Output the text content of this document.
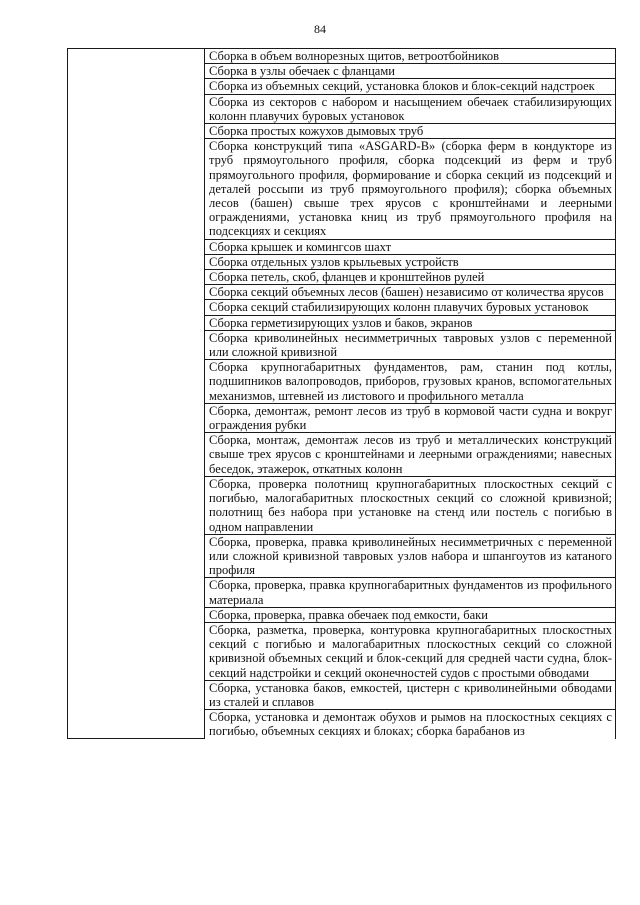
84
	Сборка в объем волнорезных щитов, ветроотбойников
Сборка в узлы обечаек с фланцами
Сборка из объемных секций, установка блоков и блок-секций надстроек
Сборка из секторов с набором и насыщением обечаек стабилизирующих колонн плавучих буровых установок
Сборка простых кожухов дымовых труб
Сборка конструкций типа «ASGARD-B» (сборка ферм в кондукторе из труб прямоугольного профиля, сборка подсекций из ферм и труб прямоугольного профиля, формирование и сборка секций из подсекций и деталей россыпи из труб прямоугольного профиля); сборка объемных лесов (башен) свыше трех ярусов с кронштейнами и леерными ограждениями, установка книц из труб прямоугольного профиля на подсекциях и секциях
Сборка крышек и комингсов шахт
Сборка отдельных узлов крыльевых устройств
Сборка петель, скоб, фланцев и кронштейнов рулей
Сборка секций объемных лесов (башен) независимо от количества ярусов
Сборка секций стабилизирующих колонн плавучих буровых установок
Сборка герметизирующих узлов и баков, экранов
Сборка криволинейных несимметричных тавровых узлов с переменной или сложной кривизной
Сборка крупногабаритных фундаментов, рам, станин под котлы, подшипников валопроводов, приборов, грузовых кранов, вспомогательных механизмов, штевней из листового и профильного металла
Сборка, демонтаж, ремонт лесов из труб в кормовой части судна и вокруг ограждения рубки
Сборка, монтаж, демонтаж лесов из труб и металлических конструкций свыше трех ярусов с кронштейнами и леерными ограждениями; навесных беседок, этажерок, откатных колонн
Сборка, проверка полотнищ крупногабаритных плоскостных секций с погибью, малогабаритных плоскостных секций со сложной кривизной; полотнищ без набора при установке на стенд или постель с погибью в одном направлении
Сборка, проверка, правка криволинейных несимметричных с переменной или сложной кривизной тавровых узлов набора и шпангоутов из катаного профиля
Сборка, проверка, правка крупногабаритных фундаментов из профильного материала
Сборка, проверка, правка обечаек под емкости, баки
Сборка, разметка, проверка, контуровка крупногабаритных плоскостных секций с погибью и малогабаритных плоскостных секций со сложной кривизной объемных секций и блок-секций для средней части судна, блок-секций надстройки и секций оконечностей судов с простыми обводами
Сборка, установка баков, емкостей, цистерн с криволинейными обводами из сталей и сплавов
Сборка, установка и демонтаж обухов и рымов на плоскостных секциях с погибью, объемных секциях и блоках; сборка барабанов из
